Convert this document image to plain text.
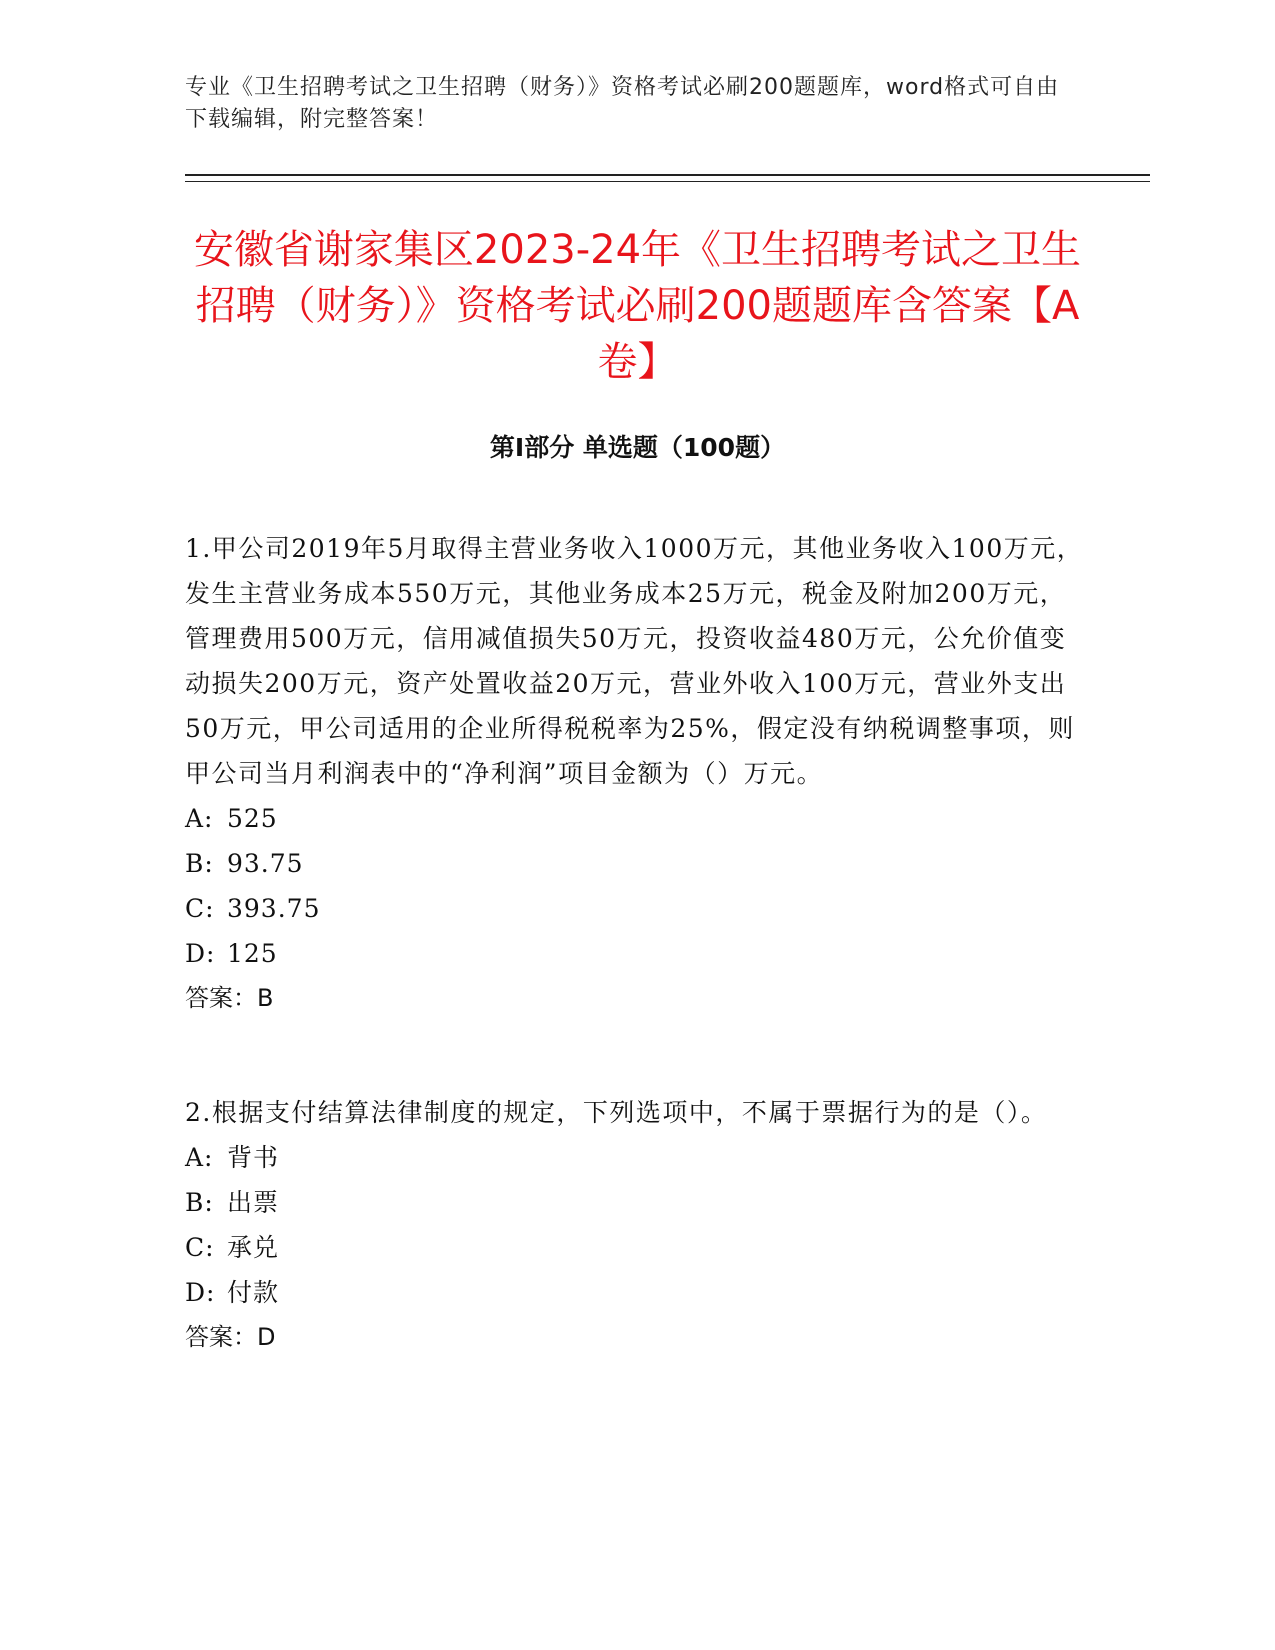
专业《卫生招聘考试之卫生招聘（财务）》资格考试必刷200题题库，word格式可自由下载编辑，附完整答案！
安徽省谢家集区2023-24年《卫生招聘考试之卫生招聘（财务）》资格考试必刷200题题库含答案【A卷】
第Ⅰ部分 单选题（100题）

1.甲公司2019年5月取得主营业务收入1000万元，其他业务收入100万元，发生主营业务成本550万元，其他业务成本25万元，税金及附加200万元，管理费用500万元，信用减值损失50万元，投资收益480万元，公允价值变动损失200万元，资产处置收益20万元，营业外收入100万元，营业外支出50万元，甲公司适用的企业所得税税率为25%，假定没有纳税调整事项，则甲公司当月利润表中的“净利润”项目金额为（）万元。

A: 525

B: 93.75

C: 393.75

D: 125

答案：B

2.根据支付结算法律制度的规定，下列选项中，不属于票据行为的是（）。

A: 背书

B: 出票

C: 承兑

D: 付款

答案：D
